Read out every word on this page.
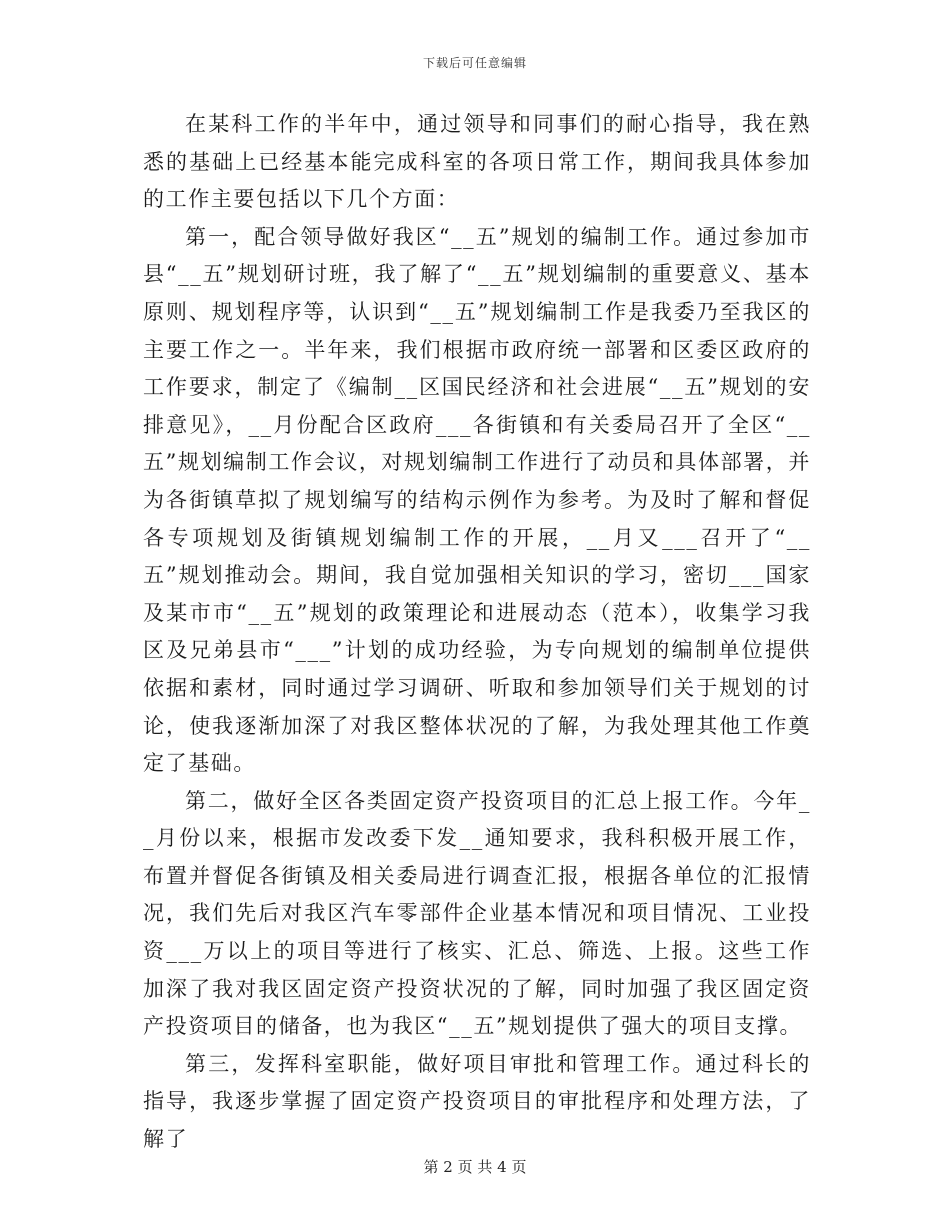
下载后可任意编辑

在某科工作的半年中，通过领导和同事们的耐心指导，我在熟悉的基础上已经基本能完成科室的各项日常工作，期间我具体参加的工作主要包括以下几个方面：

第一，配合领导做好我区“__五”规划的编制工作。通过参加市县“__五”规划研讨班，我了解了“__五”规划编制的重要意义、基本原则、规划程序等，认识到“__五”规划编制工作是我委乃至我区的主要工作之一。半年来，我们根据市政府统一部署和区委区政府的工作要求，制定了《编制__区国民经济和社会进展“__五”规划的安排意见》，__月份配合区政府___各街镇和有关委局召开了全区“__五”规划编制工作会议，对规划编制工作进行了动员和具体部署，并为各街镇草拟了规划编写的结构示例作为参考。为及时了解和督促各专项规划及街镇规划编制工作的开展，__月又___召开了“__五”规划推动会。期间，我自觉加强相关知识的学习，密切___国家及某市市“__五”规划的政策理论和进展动态（范本），收集学习我区及兄弟县市“___”计划的成功经验，为专向规划的编制单位提供依据和素材，同时通过学习调研、听取和参加领导们关于规划的讨论，使我逐渐加深了对我区整体状况的了解，为我处理其他工作奠定了基础。

第二，做好全区各类固定资产投资项目的汇总上报工作。今年__月份以来，根据市发改委下发__通知要求，我科积极开展工作，布置并督促各街镇及相关委局进行调查汇报，根据各单位的汇报情况，我们先后对我区汽车零部件企业基本情况和项目情况、工业投资___万以上的项目等进行了核实、汇总、筛选、上报。这些工作加深了我对我区固定资产投资状况的了解，同时加强了我区固定资产投资项目的储备，也为我区“__五”规划提供了强大的项目支撑。

第三，发挥科室职能，做好项目审批和管理工作。通过科长的指导，我逐步掌握了固定资产投资项目的审批程序和处理方法，了解了

第 2 页 共 4 页
